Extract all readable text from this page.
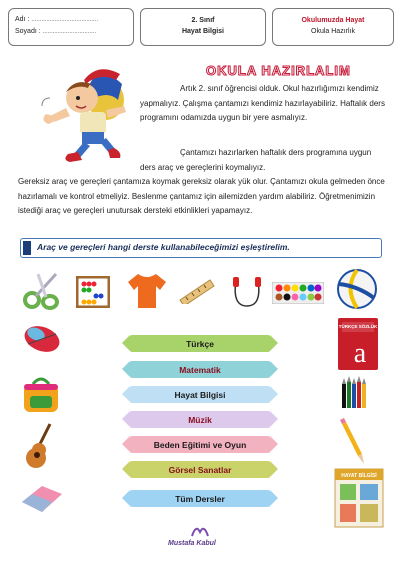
Adı : ........................................
Soyadı : ................................
2. Sınıf
Hayat Bilgisi
Okulumuzda Hayat
Okula Hazırlık
OKULA HAZIRLALIM
Artık 2. sınıf öğrencisi olduk. Okul hazırlığımızı kendimiz yapmalıyız. Çalışma çantamızı kendimiz hazırlayabiliriz. Haftalık ders programını odamızda uygun bir yere asmalıyız.
Çantamızı hazırlarken haftalık ders programına uygun ders araç ve gereçlerini koymalıyız.
Gereksiz araç ve gereçleri çantamıza koymak gereksiz olarak yük olur. Çantamızı okula gelmeden önce hazırlamalı ve kontrol etmeliyiz. Beslenme çantamız için ailemizden yardım alabiliriz. Öğretmenimizin istediği araç ve gereçleri unutursak dersteki etkinlikleri yapamayız.
Araç ve gereçleri hangi derste kullanabileceğimizi eşleştirelim.
TÜRKÇE SÖZLÜK
a
HAYAT BİLGİSİ
Türkçe
Matematik
Hayat Bilgisi
Müzik
Beden Eğitimi ve Oyun
Görsel Sanatlar
Tüm Dersler
Mustafa Kabul
